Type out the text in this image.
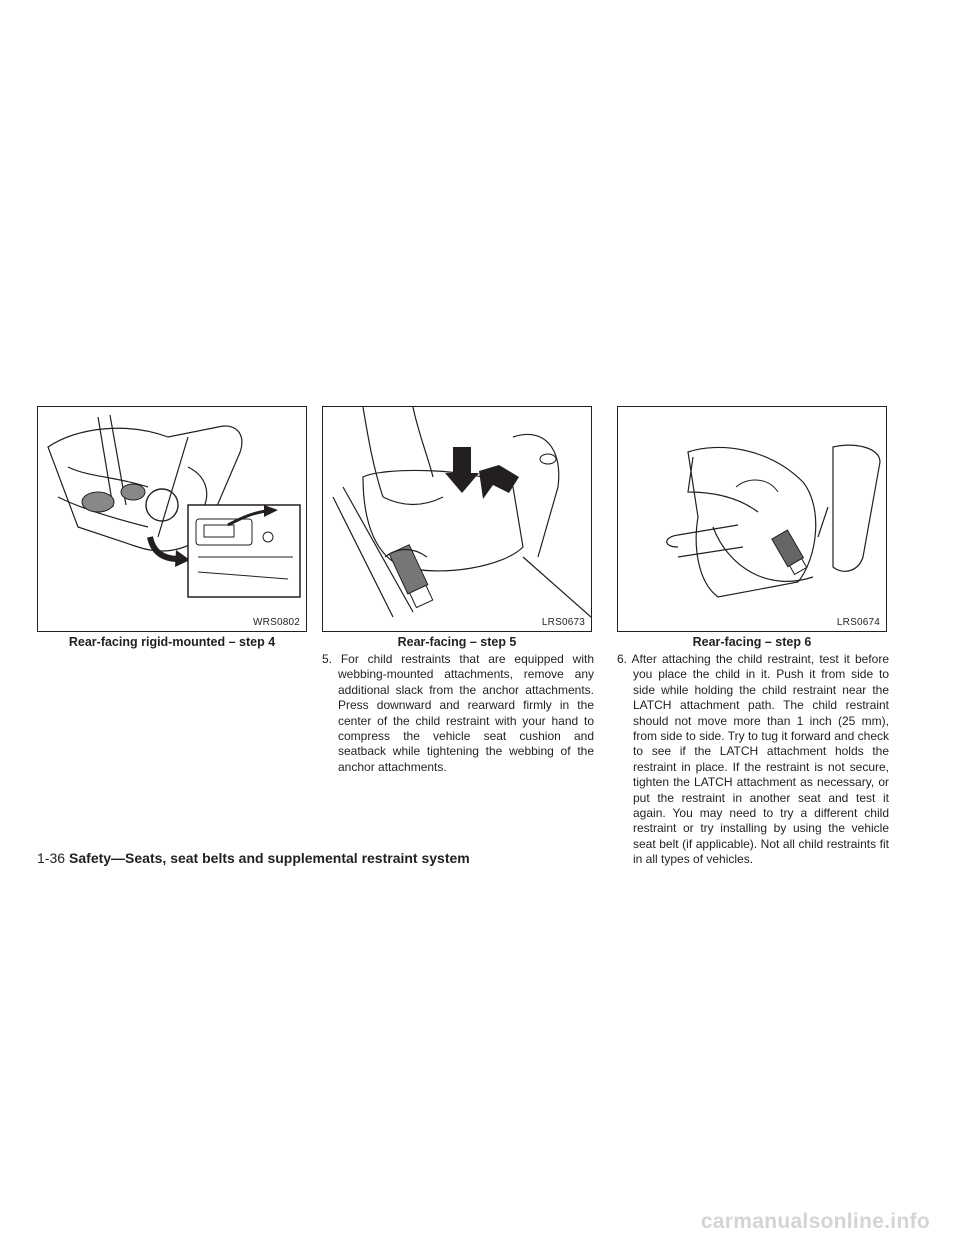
WRS0802
Rear-facing rigid-mounted – step 4
LRS0673
Rear-facing – step 5

5. For child restraints that are equipped with webbing-mounted attachments, remove any additional slack from the anchor attachments. Press downward and rearward firmly in the center of the child restraint with your hand to compress the vehicle seat cushion and seatback while tightening the webbing of the anchor attachments.

LRS0674
Rear-facing – step 6

6. After attaching the child restraint, test it before you place the child in it. Push it from side to side while holding the child restraint near the LATCH attachment path. The child restraint should not move more than 1 inch (25 mm), from side to side. Try to tug it forward and check to see if the LATCH attachment holds the restraint in place. If the restraint is not secure, tighten the LATCH attachment as necessary, or put the restraint in another seat and test it again. You may need to try a different child restraint or try installing by using the vehicle seat belt (if applicable). Not all child restraints fit in all types of vehicles.

1-36 Safety—Seats, seat belts and supplemental restraint system
carmanualsonline.info
